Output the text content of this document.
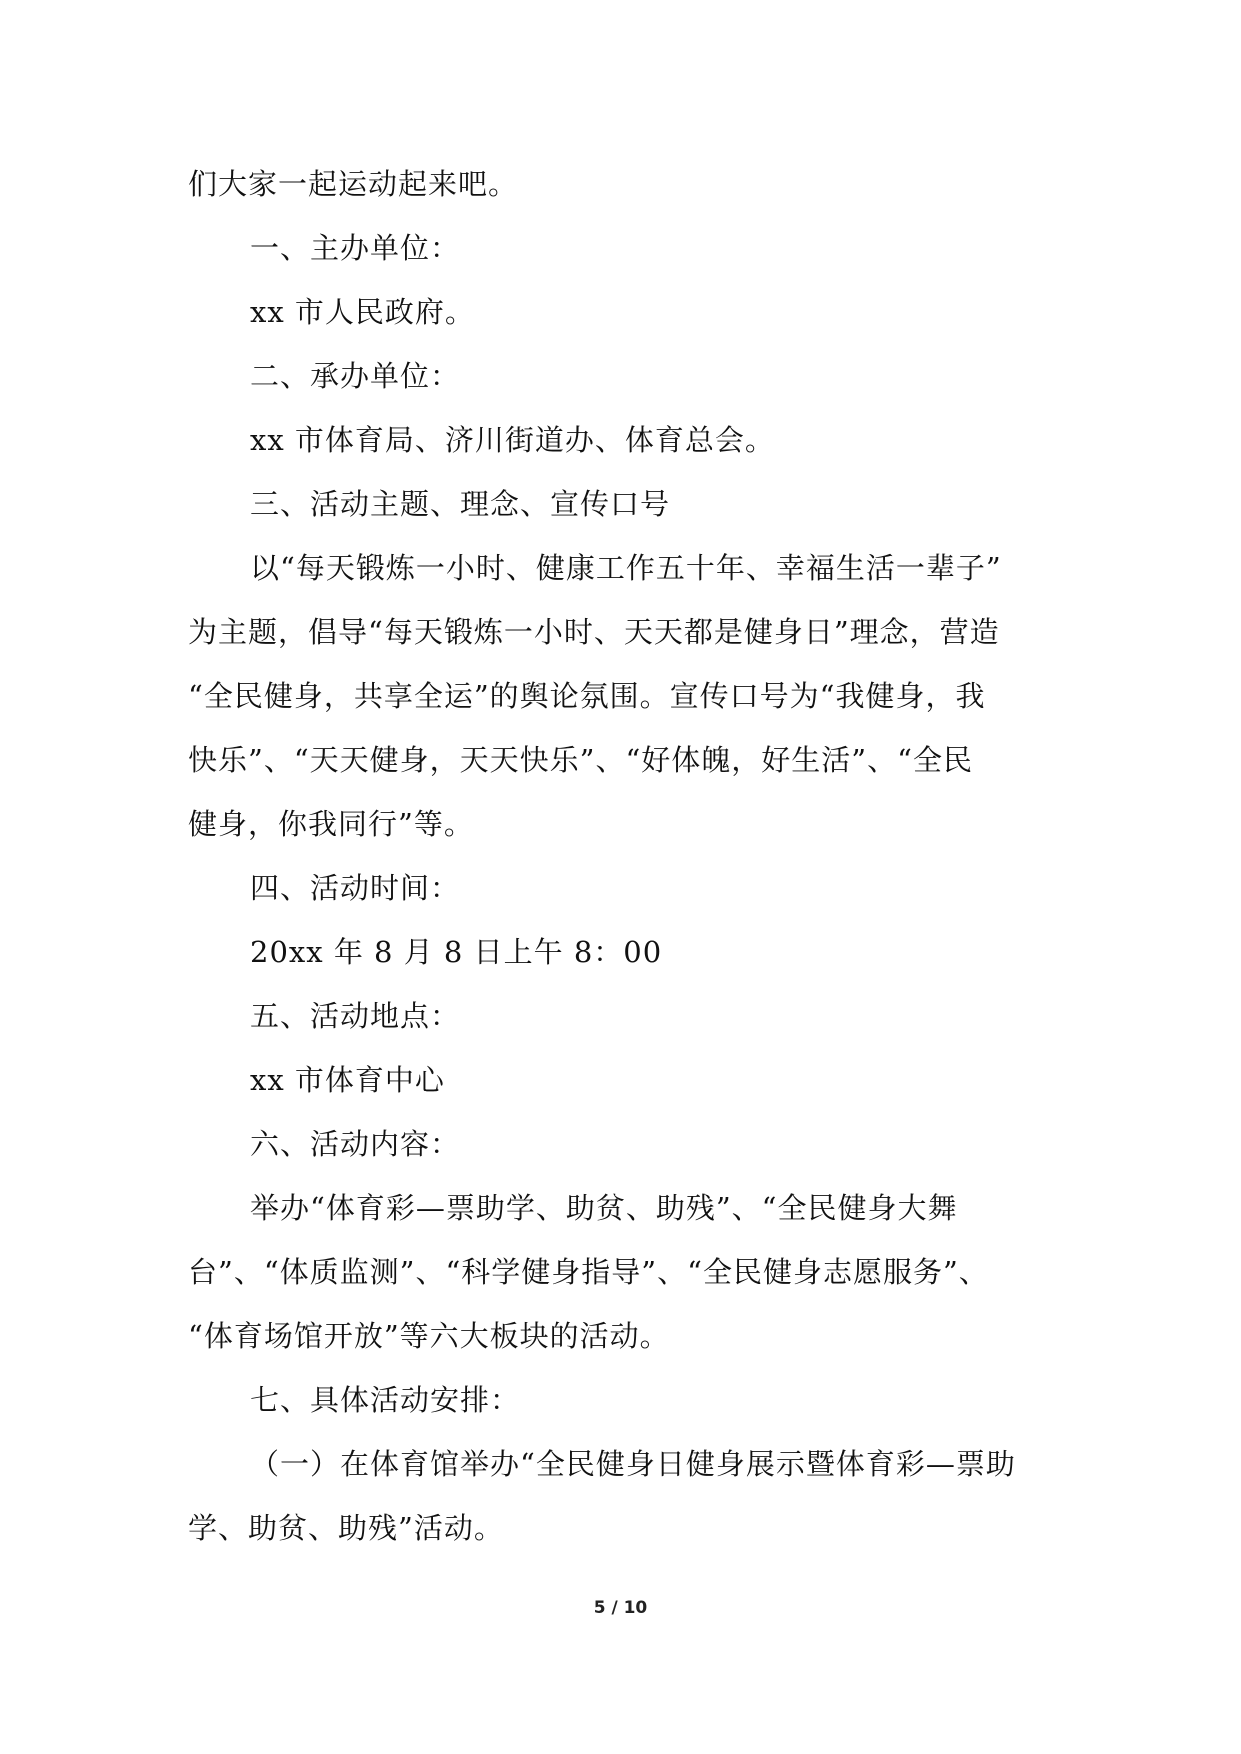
们大家一起运动起来吧。
一、主办单位：
xx 市人民政府。
二、承办单位：
xx 市体育局、济川街道办、体育总会。
三、活动主题、理念、宣传口号
以“每天锻炼一小时、健康工作五十年、幸福生活一辈子”
为主题，倡导“每天锻炼一小时、天天都是健身日”理念，营造
“全民健身，共享全运”的舆论氛围。宣传口号为“我健身，我
快乐”、“天天健身，天天快乐”、“好体魄，好生活”、“全民
健身，你我同行”等。
四、活动时间：
20xx 年 8 月 8 日上午 8：00
五、活动地点：
xx 市体育中心
六、活动内容：
举办“体育彩—票助学、助贫、助残”、“全民健身大舞
台”、“体质监测”、“科学健身指导”、“全民健身志愿服务”、
“体育场馆开放”等六大板块的活动。
七、具体活动安排：
（一）在体育馆举办“全民健身日健身展示暨体育彩—票助
学、助贫、助残”活动。
5 / 10
